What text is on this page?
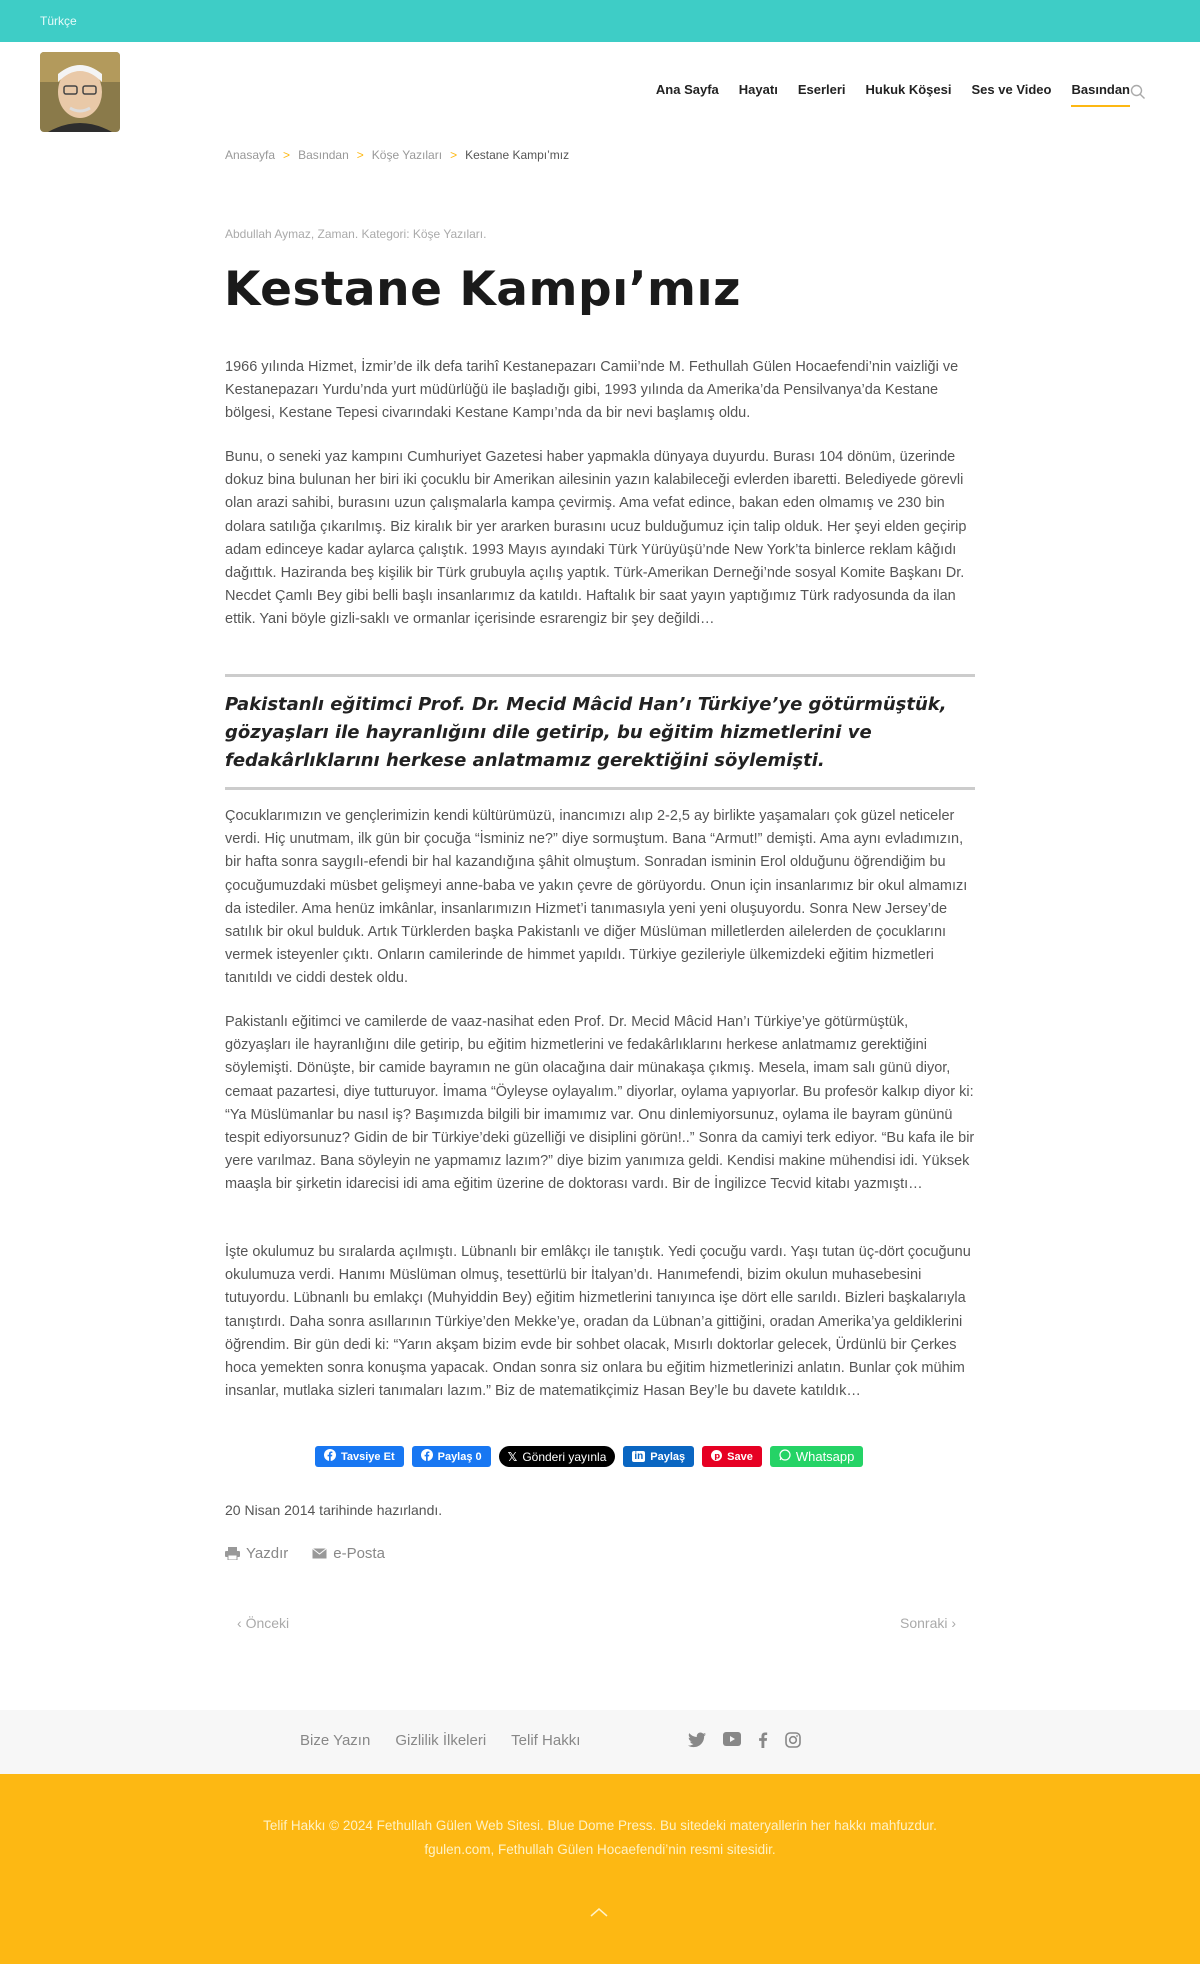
Türkçe
Ana Sayfa Hayatı Eserleri Hukuk Köşesi Ses ve Video Basından
Anasayfa > Basından > Köşe Yazıları > Kestane Kampı’mız
Abdullah Aymaz, Zaman. Kategori: Köşe Yazıları.
Kestane Kampı’mız

1966 yılında Hizmet, İzmir’de ilk defa tarihî Kestanepazarı Camii’nde M. Fethullah Gülen Hocaefendi’nin vaizliği ve Kestanepazarı Yurdu’nda yurt müdürlüğü ile başladığı gibi, 1993 yılında da Amerika’da Pensilvanya’da Kestane bölgesi, Kestane Tepesi civarındaki Kestane Kampı’nda da bir nevi başlamış oldu.

Bunu, o seneki yaz kampını Cumhuriyet Gazetesi haber yapmakla dünyaya duyurdu. Burası 104 dönüm, üzerinde dokuz bina bulunan her biri iki çocuklu bir Amerikan ailesinin yazın kalabileceği evlerden ibaretti. Belediyede görevli olan arazi sahibi, burasını uzun çalışmalarla kampa çevirmiş. Ama vefat edince, bakan eden olmamış ve 230 bin dolara satılığa çıkarılmış. Biz kiralık bir yer ararken burasını ucuz bulduğumuz için talip olduk. Her şeyi elden geçirip adam edinceye kadar aylarca çalıştık. 1993 Mayıs ayındaki Türk Yürüyüşü’nde New York’ta binlerce reklam kâğıdı dağıttık. Haziranda beş kişilik bir Türk grubuyla açılış yaptık. Türk-Amerikan Derneği’nde sosyal Komite Başkanı Dr. Necdet Çamlı Bey gibi belli başlı insanlarımız da katıldı. Haftalık bir saat yayın yaptığımız Türk radyosunda da ilan ettik. Yani böyle gizli-saklı ve ormanlar içerisinde esrarengiz bir şey değildi…

Pakistanlı eğitimci Prof. Dr. Mecid Mâcid Han’ı Türkiye’ye götürmüştük, gözyaşları ile hayranlığını dile getirip, bu eğitim hizmetlerini ve fedakârlıklarını herkese anlatmamız gerektiğini söylemişti.

Çocuklarımızın ve gençlerimizin kendi kültürümüzü, inancımızı alıp 2-2,5 ay birlikte yaşamaları çok güzel neticeler verdi. Hiç unutmam, ilk gün bir çocuğa “İsminiz ne?” diye sormuştum. Bana “Armut!” demişti. Ama aynı evladımızın, bir hafta sonra saygılı-efendi bir hal kazandığına şâhit olmuştum. Sonradan isminin Erol olduğunu öğrendiğim bu çocuğumuzdaki müsbet gelişmeyi anne-baba ve yakın çevre de görüyordu. Onun için insanlarımız bir okul almamızı da istediler. Ama henüz imkânlar, insanlarımızın Hizmet’i tanımasıyla yeni yeni oluşuyordu. Sonra New Jersey’de satılık bir okul bulduk. Artık Türklerden başka Pakistanlı ve diğer Müslüman milletlerden ailelerden de çocuklarını vermek isteyenler çıktı. Onların camilerinde de himmet yapıldı. Türkiye gezileriyle ülkemizdeki eğitim hizmetleri tanıtıldı ve ciddi destek oldu.

Pakistanlı eğitimci ve camilerde de vaaz-nasihat eden Prof. Dr. Mecid Mâcid Han’ı Türkiye’ye götürmüştük, gözyaşları ile hayranlığını dile getirip, bu eğitim hizmetlerini ve fedakârlıklarını herkese anlatmamız gerektiğini söylemişti. Dönüşte, bir camide bayramın ne gün olacağına dair münakaşa çıkmış. Mesela, imam salı günü diyor, cemaat pazartesi, diye tutturuyor. İmama “Öyleyse oylayalım.” diyorlar, oylama yapıyorlar. Bu profesör kalkıp diyor ki: “Ya Müslümanlar bu nasıl iş? Başımızda bilgili bir imamımız var. Onu dinlemiyorsunuz, oylama ile bayram gününü tespit ediyorsunuz? Gidin de bir Türkiye’deki güzelliği ve disiplini görün!..” Sonra da camiyi terk ediyor. “Bu kafa ile bir yere varılmaz. Bana söyleyin ne yapmamız lazım?” diye bizim yanımıza geldi. Kendisi makine mühendisi idi. Yüksek maaşla bir şirketin idarecisi idi ama eğitim üzerine de doktorası vardı. Bir de İngilizce Tecvid kitabı yazmıştı…

İşte okulumuz bu sıralarda açılmıştı. Lübnanlı bir emlâkçı ile tanıştık. Yedi çocuğu vardı. Yaşı tutan üç-dört çocuğunu okulumuza verdi. Hanımı Müslüman olmuş, tesettürlü bir İtalyan’dı. Hanımefendi, bizim okulun muhasebesini tutuyordu. Lübnanlı bu emlakçı (Muhyiddin Bey) eğitim hizmetlerini tanıyınca işe dört elle sarıldı. Bizleri başkalarıyla tanıştırdı. Daha sonra asıllarının Türkiye’den Mekke’ye, oradan da Lübnan’a gittiğini, oradan Amerika’ya geldiklerini öğrendim. Bir gün dedi ki: “Yarın akşam bizim evde bir sohbet olacak, Mısırlı doktorlar gelecek, Ürdünlü bir Çerkes hoca yemekten sonra konuşma yapacak. Ondan sonra siz onlara bu eğitim hizmetlerinizi anlatın. Bunlar çok mühim insanlar, mutlaka sizleri tanımaları lazım.” Biz de matematikçimiz Hasan Bey’le bu davete katıldık…

Tavsiye Et	Paylaş 0 𝕏 Gönderi yayınla	in Paylaş	p Save	Whatsapp
20 Nisan 2014 tarihinde hazırlandı.
Yazdır	e-Posta
‹ Önceki	Sonraki ›
Bize Yazın Gizlilik İlkeleri Telif Hakkı
Telif Hakkı © 2024 Fethullah Gülen Web Sitesi. Blue Dome Press. Bu sitedeki materyallerin her hakkı mahfuzdur.
fgulen.com, Fethullah Gülen Hocaefendi’nin resmi sitesidir.
